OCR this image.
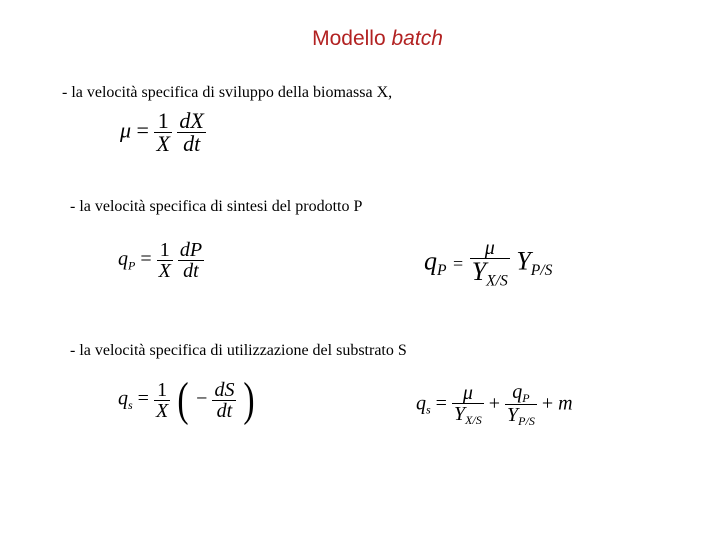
Modello batch
- la velocità specifica di sviluppo della biomassa X,
$\mu = \frac{1}{X}$
$\frac{dX}{dt}$
- la velocità specifica di sintesi del prodotto P
$q_P = \frac{1}{X}$
$\frac{dP}{dt}$	$q_P = \frac{\mu}{Y_{X/S}} Y_{P/S}$
- la velocità specifica di utilizzazione del substrato S
$q_s = \frac{1}{X}$ ( − $\frac{dS}{dt}$ )	$q_s = \frac{\mu}{Y_{X/S}} + \frac{q_P}{Y_{P/S}} + m$
